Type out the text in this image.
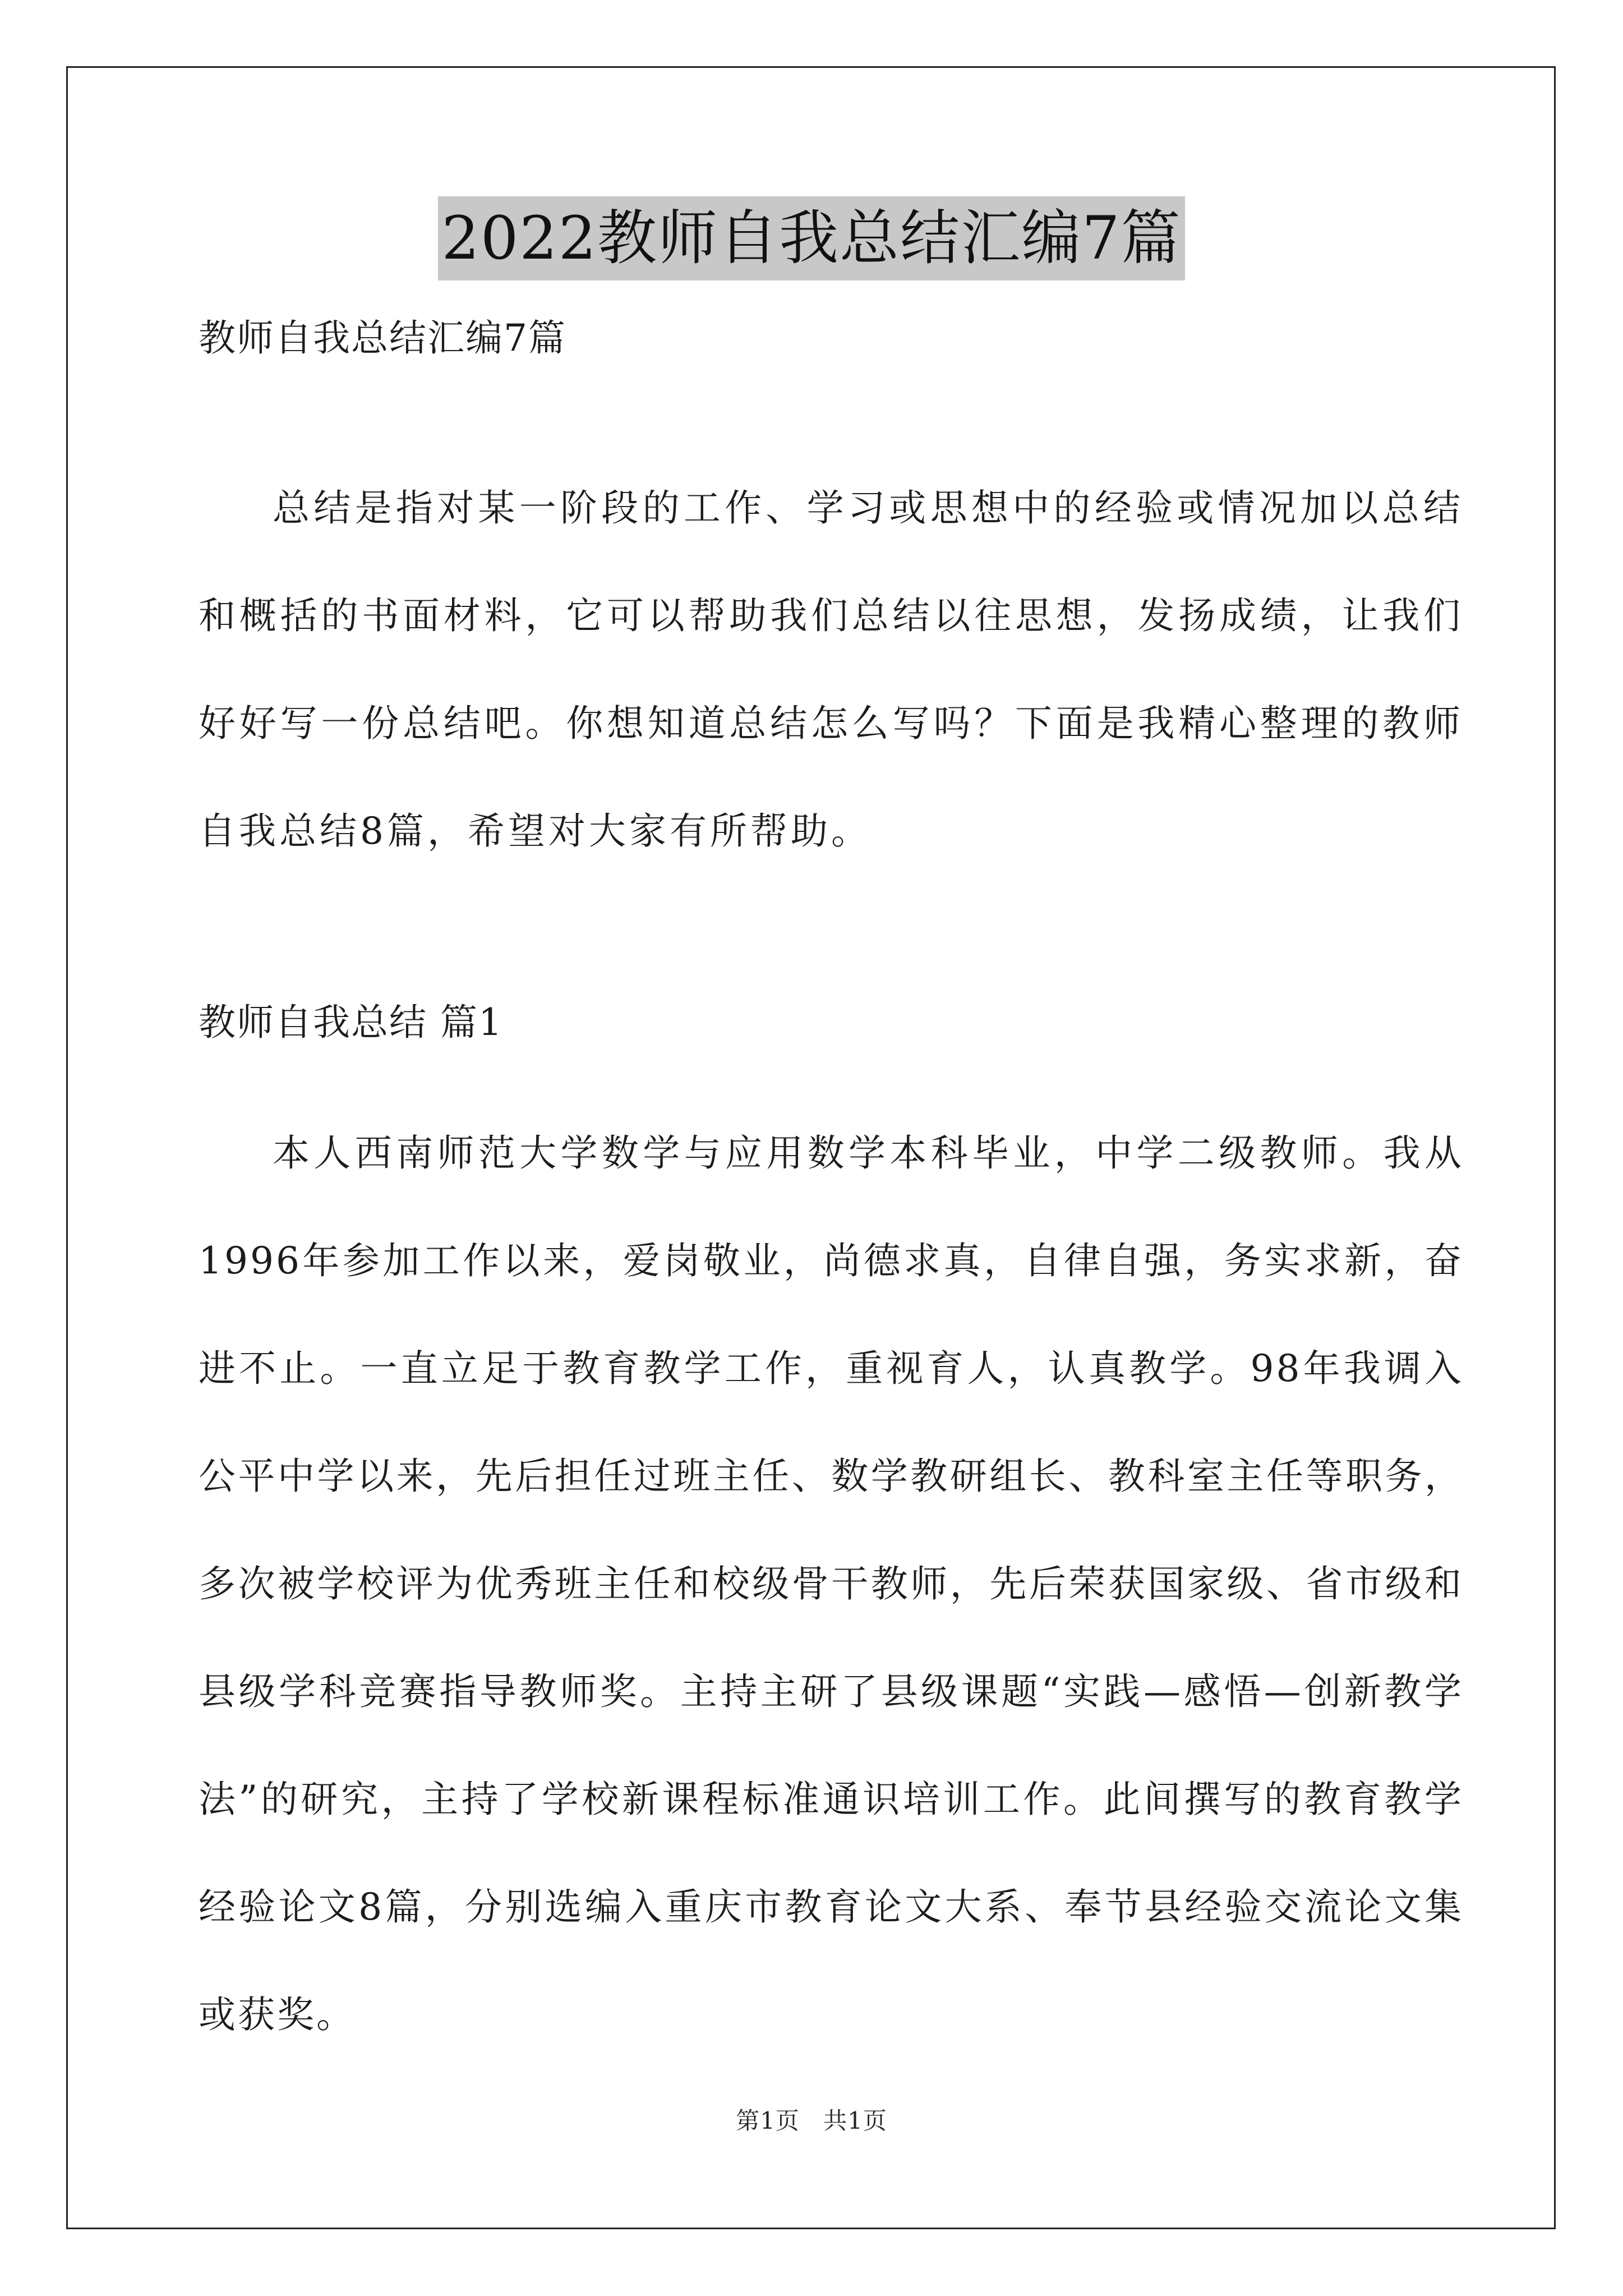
2022教师自我总结汇编7篇
教师自我总结汇编7篇
总结是指对某一阶段的工作、学习或思想中的经验或情况加以总结和概括的书面材料，它可以帮助我们总结以往思想，发扬成绩，让我们好好写一份总结吧。你想知道总结怎么写吗？下面是我精心整理的教师自我总结8篇，希望对大家有所帮助。
教师自我总结 篇1
本人西南师范大学数学与应用数学本科毕业，中学二级教师。我从1996年参加工作以来，爱岗敬业，尚德求真，自律自强，务实求新，奋进不止。一直立足于教育教学工作，重视育人，认真教学。98年我调入公平中学以来，先后担任过班主任、数学教研组长、教科室主任等职务，多次被学校评为优秀班主任和校级骨干教师，先后荣获国家级、省市级和县级学科竞赛指导教师奖。主持主研了县级课题“实践—感悟—创新教学法”的研究，主持了学校新课程标准通识培训工作。此间撰写的教育教学经验论文8篇，分别选编入重庆市教育论文大系、奉节县经验交流论文集或获奖。
第1页 共1页
